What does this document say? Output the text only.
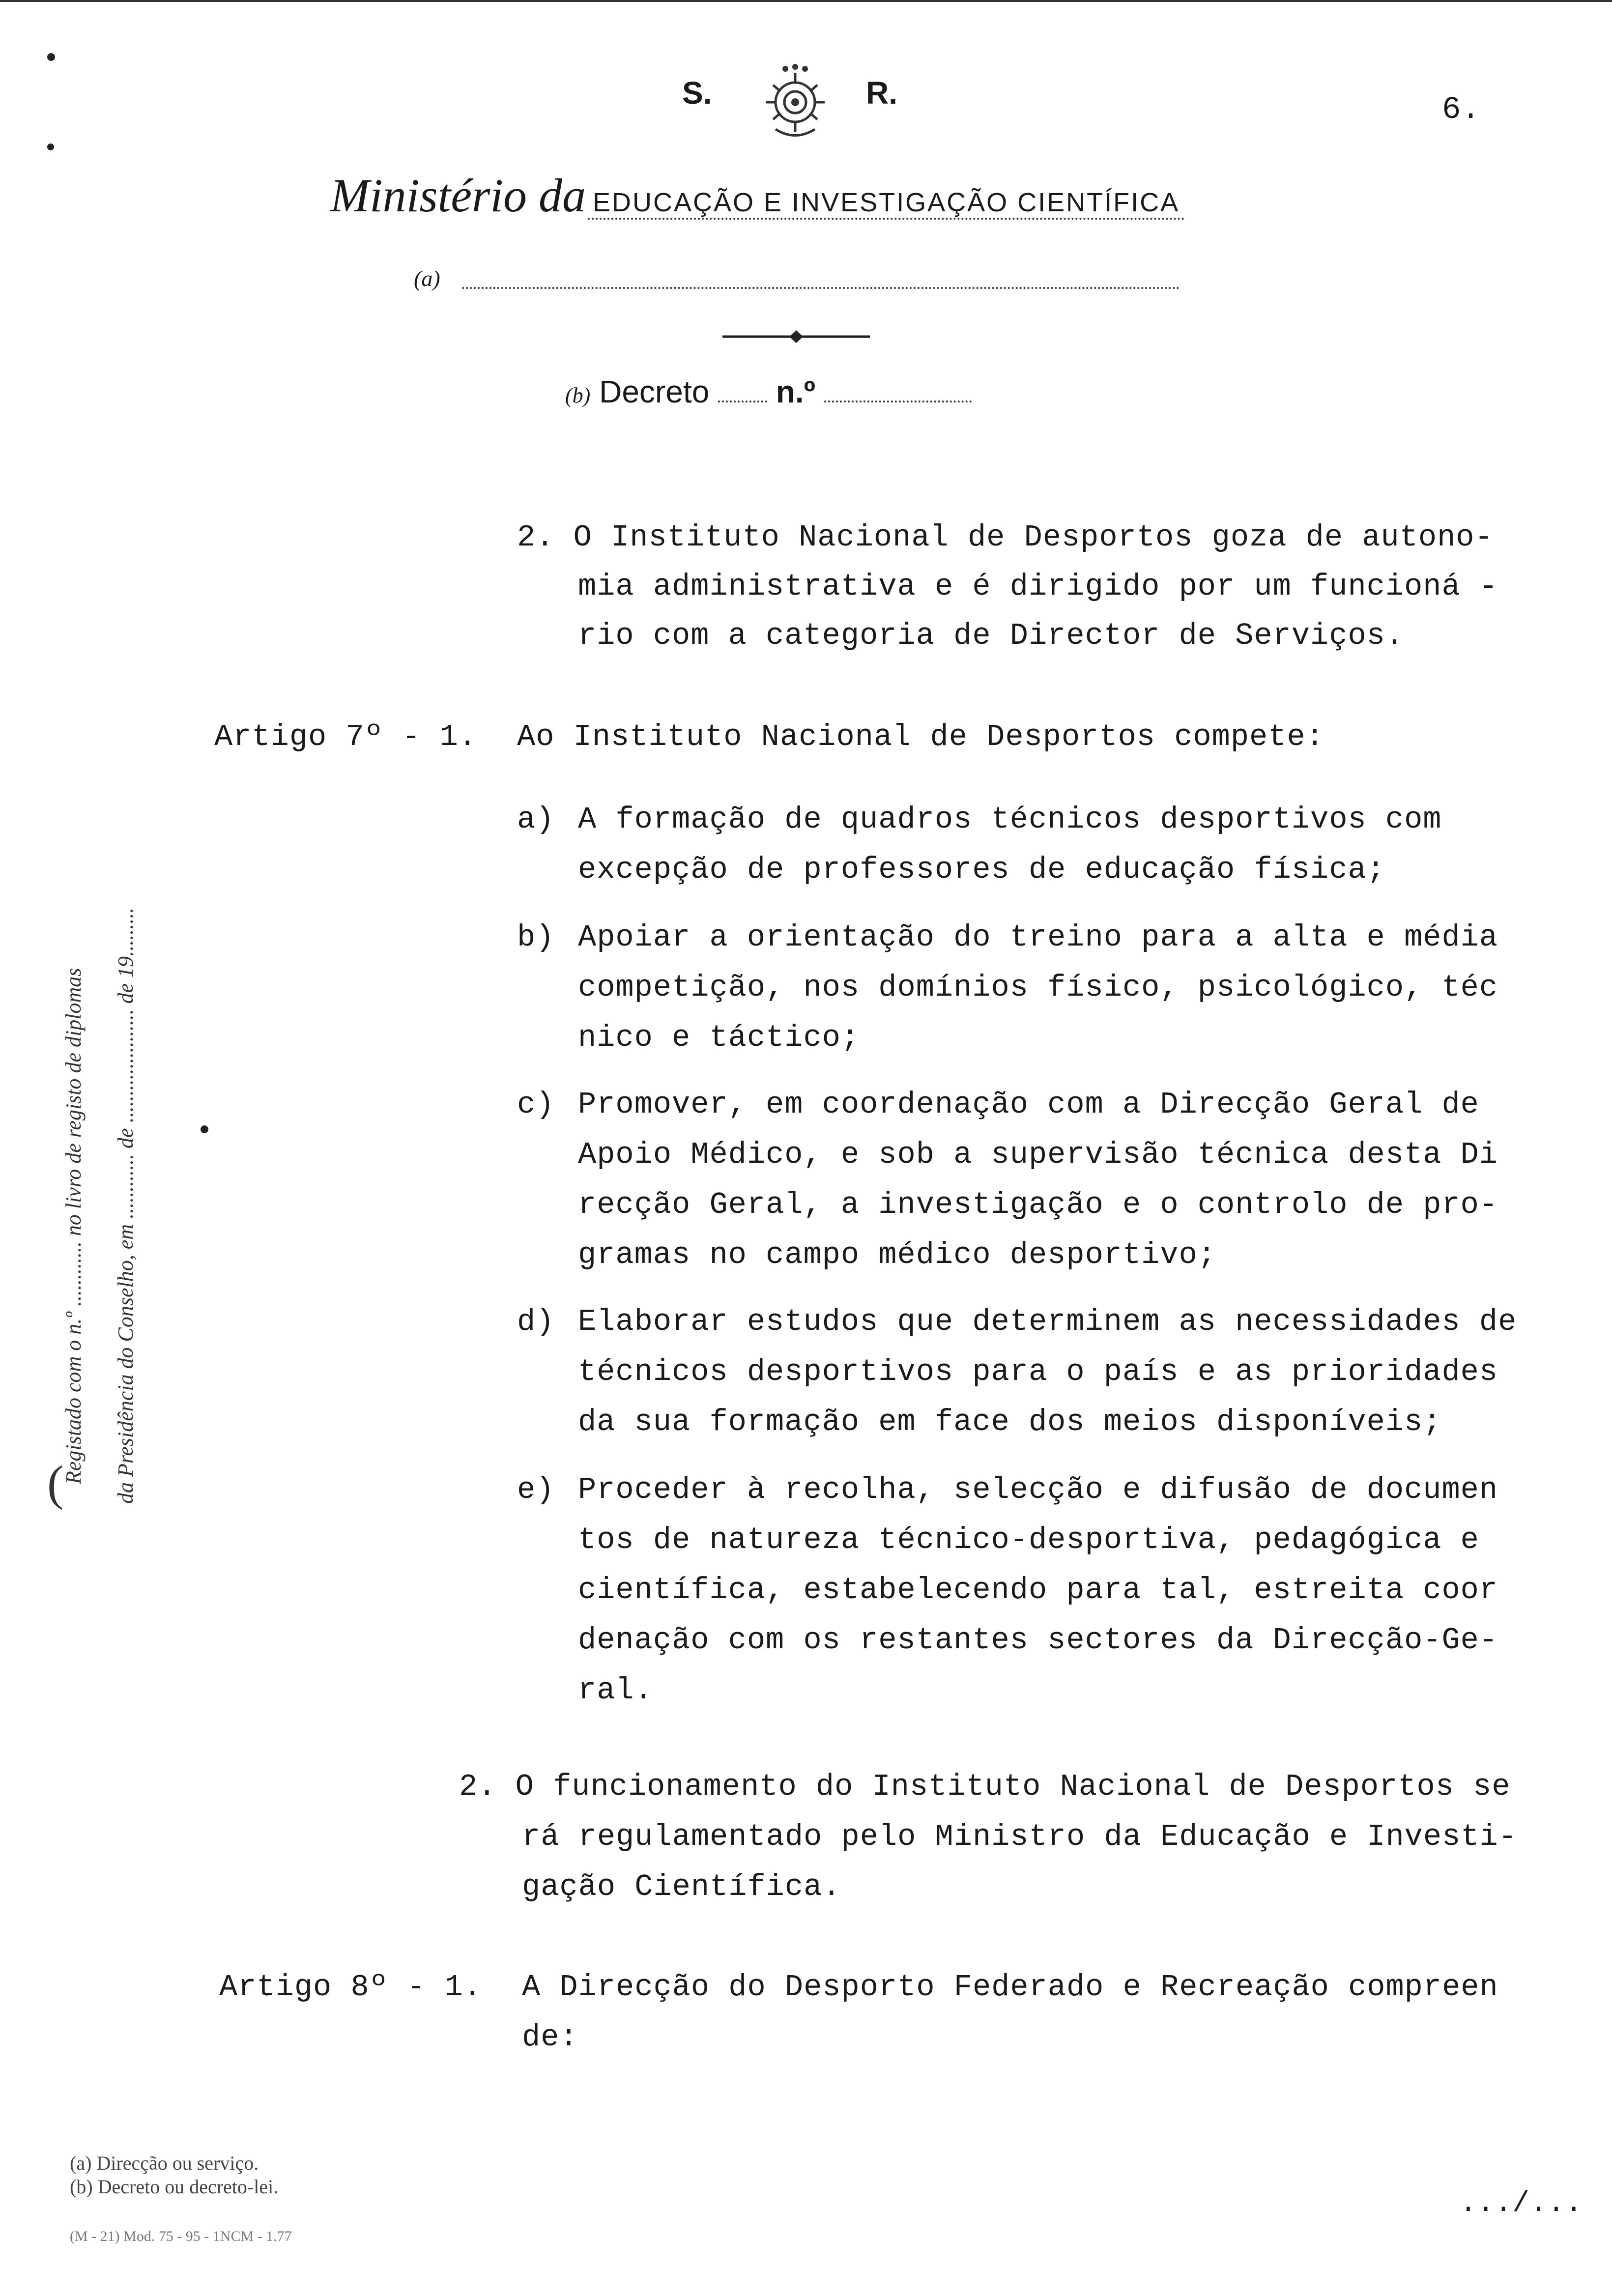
S.	R.	6.
Ministério da EDUCAÇÃO E INVESTIGAÇÃO CIENTÍFICA
(a)
(b) Decreto n.º
Registado com o n.º ............ no livro de registo de diplomas da Presidência do Conselho, em ............ de ..................... de 19.........
(
2. O Instituto Nacional de Desportos goza de autono-
mia administrativa e é dirigido por um funcioná -
rio com a categoria de Director de Serviços.
Artigo 7º - 1. Ao Instituto Nacional de Desportos compete:
a) A formação de quadros técnicos desportivos com
excepção de professores de educação física;
b) Apoiar a orientação do treino para a alta e média
competição, nos domínios físico, psicológico, téc
nico e táctico;
c) Promover, em coordenação com a Direcção Geral de
Apoio Médico, e sob a supervisão técnica desta Di
recção Geral, a investigação e o controlo de pro-
gramas no campo médico desportivo;
d) Elaborar estudos que determinem as necessidades de
técnicos desportivos para o país e as prioridades
da sua formação em face dos meios disponíveis;
e) Proceder à recolha, selecção e difusão de documen
tos de natureza técnico-desportiva, pedagógica e
científica, estabelecendo para tal, estreita coor
denação com os restantes sectores da Direcção-Ge-
ral.
2. O funcionamento do Instituto Nacional de Desportos se
rá regulamentado pelo Ministro da Educação e Investi-
gação Científica.
Artigo 8º - 1. A Direcção do Desporto Federado e Recreação compreen
de:
(a) Direcção ou serviço.
(b) Decreto ou decreto-lei.
(M - 21) Mod. 75 - 95 - 1NCM - 1.77
.../...
